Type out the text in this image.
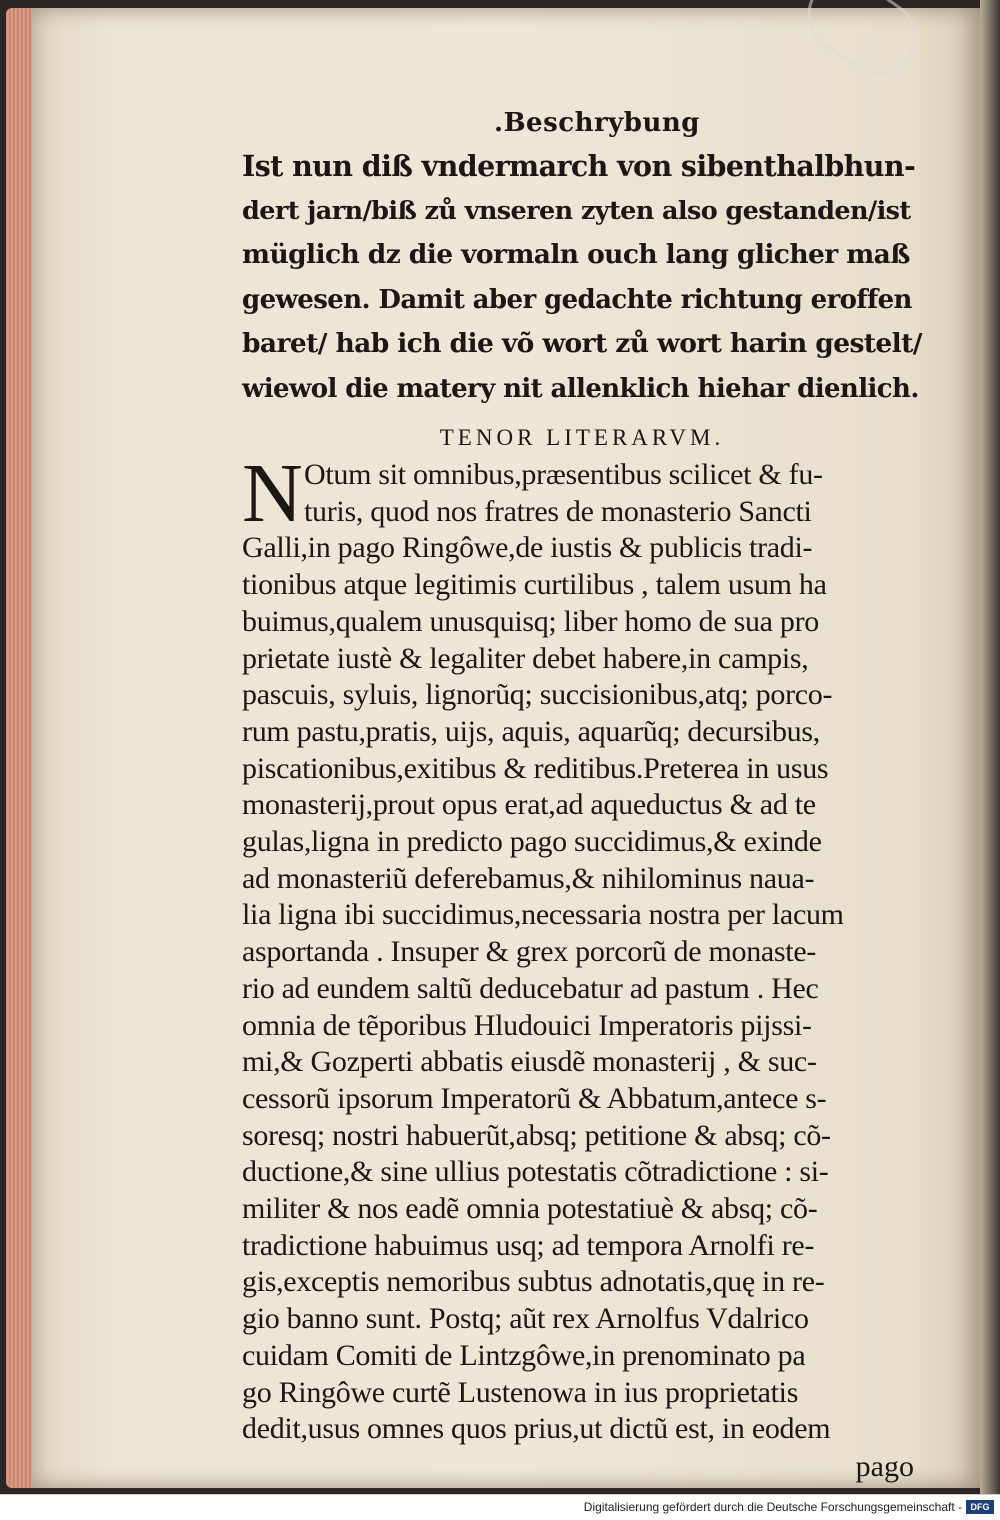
.Beschrybung
Ist nun diß vndermarch von sibenthalbhun-
dert jarn/biß zů vnseren zyten also gestanden/ist
müglich dz die vormaln ouch lang glicher maß
gewesen. Damit aber gedachte richtung eroffen
baret/ hab ich die võ wort zů wort harin gestelt/
wiewol die matery nit allenklich hiehar dienlich.
TENOR LITERARVM.
N Otum sit omnibus,præsentibus scilicet & fu-
turis, quod nos fratres de monasterio Sancti
Galli,in pago Ringôwe,de iustis & publicis tradi-
tionibus atque legitimis curtilibus , talem usum ha
buimus,qualem unusquisq; liber homo de sua pro
prietate iustè & legaliter debet habere,in campis,
pascuis, syluis, lignorũq; succisionibus,atq; porco-
rum pastu,pratis, uijs, aquis, aquarũq; decursibus,
piscationibus,exitibus & reditibus.Preterea in usus
monasterij,prout opus erat,ad aqueductus & ad te
gulas,ligna in predicto pago succidimus,& exinde
ad monasteriũ deferebamus,& nihilominus naua-
lia ligna ibi succidimus,necessaria nostra per lacum
asportanda . Insuper & grex porcorũ de monaste-
rio ad eundem saltũ deducebatur ad pastum . Hec
omnia de tẽporibus Hludouici Imperatoris pijssi-
mi,& Gozperti abbatis eiusdẽ monasterij , & suc-
cessorũ ipsorum Imperatorũ & Abbatum,antece s-
soresq; nostri habuerũt,absq; petitione & absq; cõ-
ductione,& sine ullius potestatis cõtradictione : si-
militer & nos eadẽ omnia potestatiuè & absq; cõ-
tradictione habuimus usq; ad tempora Arnolfi re-
gis,exceptis nemoribus subtus adnotatis,quę in re-
gio banno sunt. Postq; aũt rex Arnolfus Vdalrico
cuidam Comiti de Lintzgôwe,in prenominato pa
go Ringôwe curtẽ Lustenowa in ius proprietatis
dedit,usus omnes quos prius,ut dictũ est, in eodem
pago
Digitalisierung gefördert durch die Deutsche Forschungsgemeinschaft - DFG
